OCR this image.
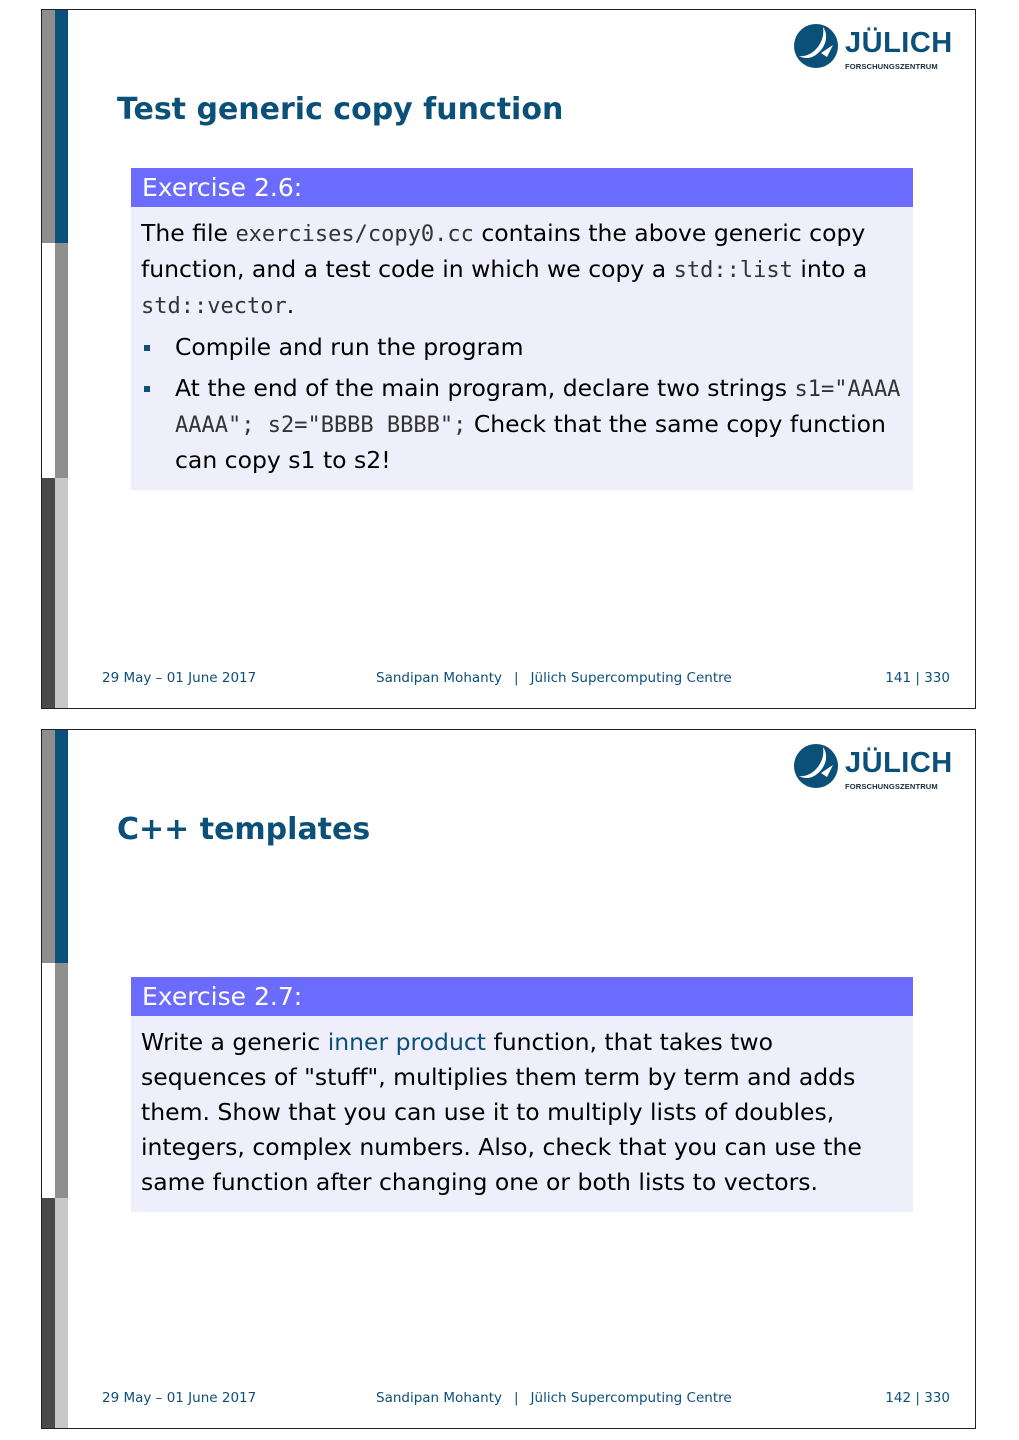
JÜLICH
FORSCHUNGSZENTRUM
Test generic copy function
Exercise 2.6:

The file exercises/copy0.cc contains the above generic copy function, and a test code in which we copy a std::list into a std::vector.

Compile and run the program
At the end of the main program, declare two strings s1="AAAA AAAA"; s2="BBBB BBBB"; Check that the same copy function can copy s1 to s2!
29 May – 01 June 2017	Sandipan Mohanty | Jülich Supercomputing Centre	141 | 330
JÜLICH
FORSCHUNGSZENTRUM
C++ templates
Exercise 2.7:

Write a generic inner product function, that takes two sequences of "stuff", multiplies them term by term and adds them. Show that you can use it to multiply lists of doubles, integers, complex numbers. Also, check that you can use the same function after changing one or both lists to vectors.

29 May – 01 June 2017	Sandipan Mohanty | Jülich Supercomputing Centre	142 | 330
